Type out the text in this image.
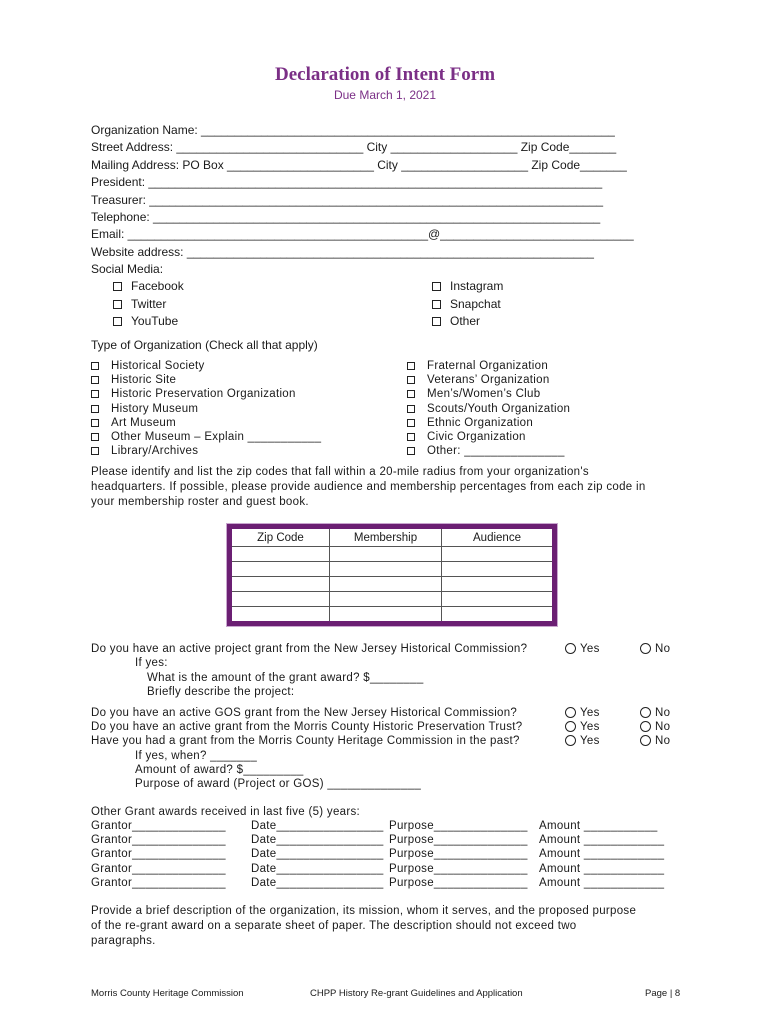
Declaration of Intent Form
Due March 1, 2021
Organization Name: ______________________________________________________________
Street Address: ____________________________ City ___________________ Zip Code_______
Mailing Address: PO Box ______________________ City ___________________ Zip Code_______
President: ____________________________________________________________________
Treasurer: ____________________________________________________________________
Telephone: ___________________________________________________________________
Email: _____________________________________________@_____________________________
Website address: _____________________________________________________________
Social Media:
Facebook
Twitter
YouTube
Instagram
Snapchat
Other
Type of Organization (Check all that apply)
Historical Society
Historic Site
Historic Preservation Organization
History Museum
Art Museum
Other Museum – Explain ___________
Library/Archives
Fraternal Organization
Veterans’ Organization
Men’s/Women’s Club
Scouts/Youth Organization
Ethnic Organization
Civic Organization
Other: _______________
Please identify and list the zip codes that fall within a 20-mile radius from your organization's
headquarters. If possible, please provide audience and membership percentages from each zip code in
your membership roster and guest book.
Zip Code	Membership	Audience

Do you have an active project grant from the New Jersey Historical Commission?	Yes	No
If yes:
What is the amount of the grant award? $________
Briefly describe the project:
Do you have an active GOS grant from the New Jersey Historical Commission?	Yes	No
Do you have an active grant from the Morris County Historic Preservation Trust?	Yes	No
Have you had a grant from the Morris County Heritage Commission in the past?	Yes	No
If yes, when? _______
Amount of award? $_________
Purpose of award (Project or GOS) ______________
Other Grant awards received in last five (5) years:
Grantor______________ Date________________ Purpose______________ Amount ___________
Grantor______________ Date________________ Purpose______________ Amount ____________
Grantor______________ Date________________ Purpose______________ Amount ____________
Grantor______________ Date________________ Purpose______________ Amount ____________
Grantor______________ Date________________ Purpose______________ Amount ____________
Provide a brief description of the organization, its mission, whom it serves, and the proposed purpose
of the re-grant award on a separate sheet of paper. The description should not exceed two
paragraphs.
Morris County Heritage Commission	CHPP History Re-grant Guidelines and Application	Page | 8
